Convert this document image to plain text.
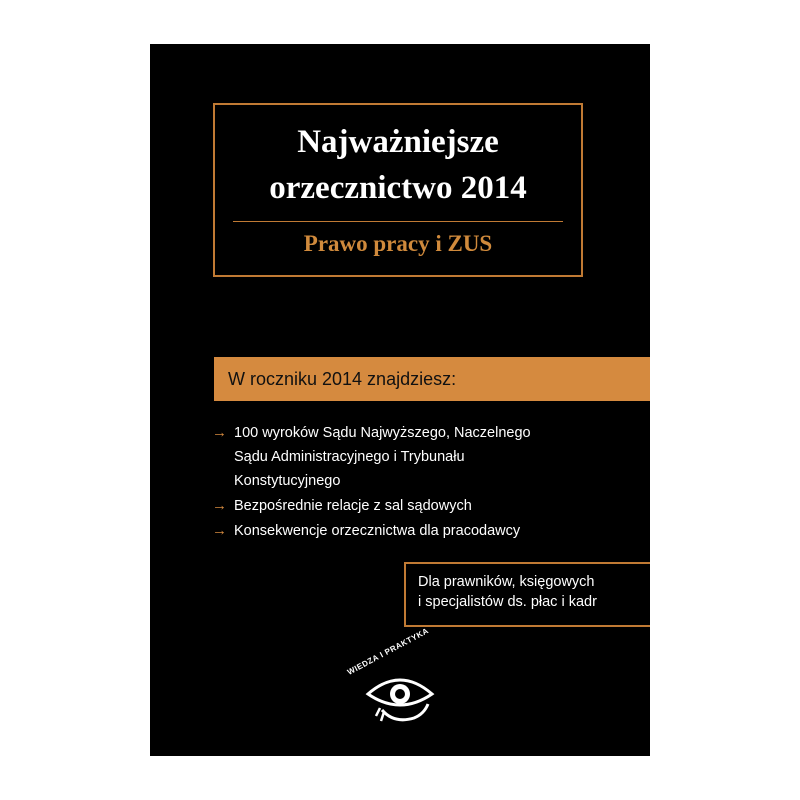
Najważniejsze
orzecznictwo 2014

Prawo pracy i ZUS

W roczniku 2014 znajdziesz:
→ 100 wyroków Sądu Najwyższego, Naczelnego
Sądu Administracyjnego i Trybunału
Konstytucyjnego
→ Bezpośrednie relacje z sal sądowych
→ Konsekwencje orzecznictwa dla pracodawcy
Dla prawników, księgowych
i specjalistów ds. płac i kadr
WIEDZA I PRAKTYKA
